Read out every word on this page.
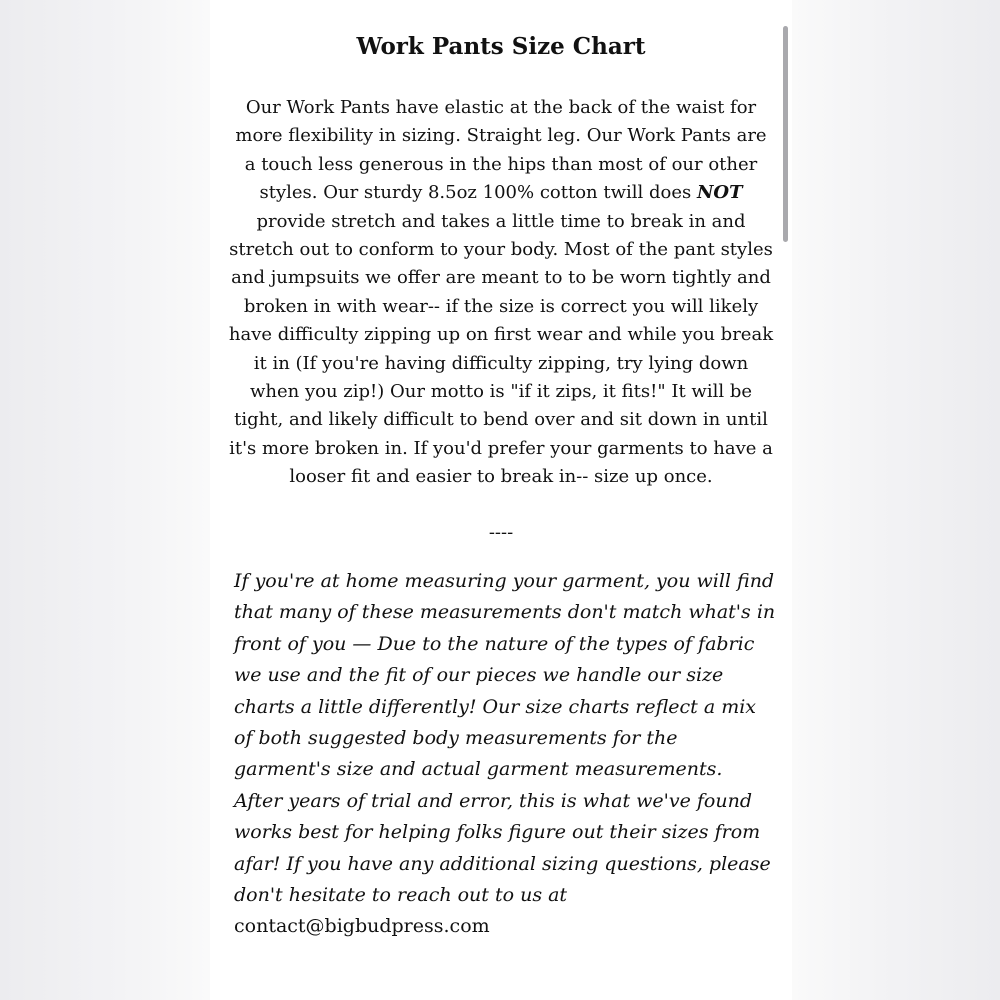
Work Pants Size Chart

Our Work Pants have elastic at the back of the waist for more flexibility in sizing. Straight leg. Our Work Pants are a touch less generous in the hips than most of our other styles. Our sturdy 8.5oz 100% cotton twill does NOT provide stretch and takes a little time to break in and stretch out to conform to your body. Most of the pant styles and jumpsuits we offer are meant to to be worn tightly and broken in with wear-- if the size is correct you will likely have difficulty zipping up on first wear and while you break it in (If you're having difficulty zipping, try lying down when you zip!) Our motto is "if it zips, it fits!" It will be tight, and likely difficult to bend over and sit down in until it's more broken in. If you'd prefer your garments to have a looser fit and easier to break in-- size up once.

----

If you're at home measuring your garment, you will find that many of these measurements don't match what's in front of you — Due to the nature of the types of fabric we use and the fit of our pieces we handle our size charts a little differently! Our size charts reflect a mix of both suggested body measurements for the garment's size and actual garment measurements. After years of trial and error, this is what we've found works best for helping folks figure out their sizes from afar! If you have any additional sizing questions, please don't hesitate to reach out to us at contact@bigbudpress.com
